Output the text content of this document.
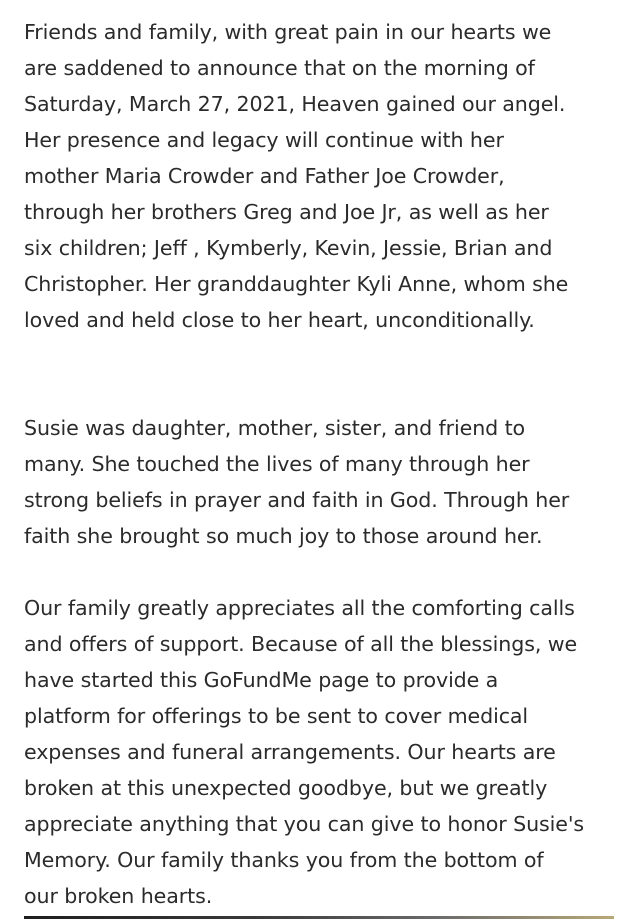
Friends and family, with great pain in our hearts we
are saddened to announce that on the morning of
Saturday, March 27, 2021, Heaven gained our angel.
Her presence and legacy will continue with her
mother Maria Crowder and Father Joe Crowder,
through her brothers Greg and Joe Jr, as well as her
six children; Jeff , Kymberly, Kevin, Jessie, Brian and
Christopher. Her granddaughter Kyli Anne, whom she
loved and held close to her heart, unconditionally.

Susie was daughter, mother, sister, and friend to
many. She touched the lives of many through her
strong beliefs in prayer and faith in God. Through her
faith she brought so much joy to those around her.

Our family greatly appreciates all the comforting calls
and offers of support. Because of all the blessings, we
have started this GoFundMe page to provide a
platform for offerings to be sent to cover medical
expenses and funeral arrangements. Our hearts are
broken at this unexpected goodbye, but we greatly
appreciate anything that you can give to honor Susie's
Memory. Our family thanks you from the bottom of
our broken hearts.
